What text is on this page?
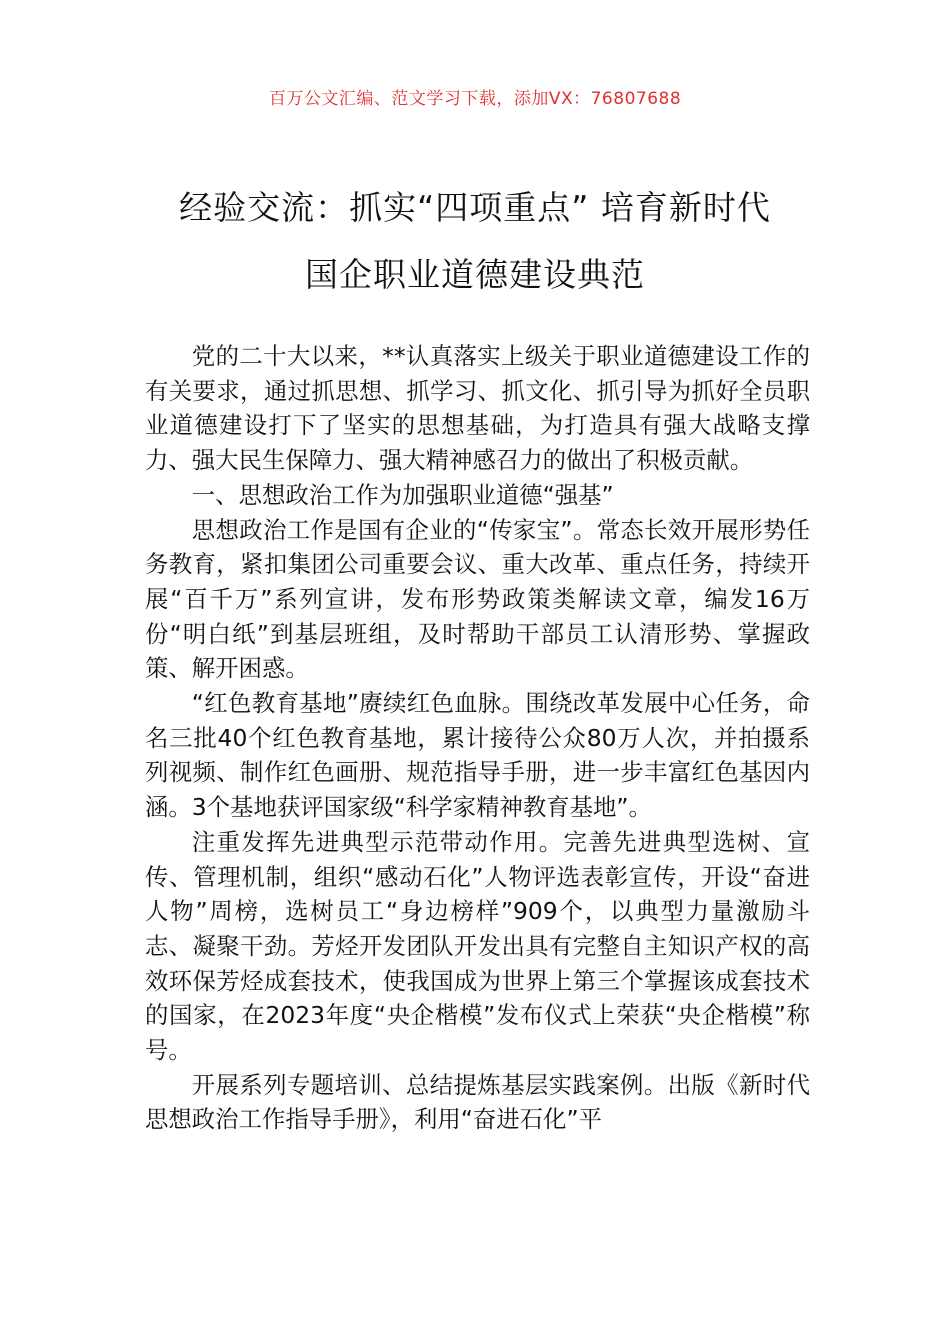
百万公文汇编、范文学习下载，添加VX：76807688
经验交流：抓实“四项重点” 培育新时代
国企职业道德建设典范

党的二十大以来，**认真落实上级关于职业道德建设工作的有关要求，通过抓思想、抓学习、抓文化、抓引导为抓好全员职业道德建设打下了坚实的思想基础，为打造具有强大战略支撑力、强大民生保障力、强大精神感召力的做出了积极贡献。

一、思想政治工作为加强职业道德“强基”

思想政治工作是国有企业的“传家宝”。常态长效开展形势任务教育，紧扣集团公司重要会议、重大改革、重点任务，持续开展“百千万”系列宣讲，发布形势政策类解读文章，编发16万份“明白纸”到基层班组，及时帮助干部员工认清形势、掌握政策、解开困惑。

“红色教育基地”赓续红色血脉。围绕改革发展中心任务，命名三批40个红色教育基地，累计接待公众80万人次，并拍摄系列视频、制作红色画册、规范指导手册，进一步丰富红色基因内涵。3个基地获评国家级“科学家精神教育基地”。

注重发挥先进典型示范带动作用。完善先进典型选树、宣传、管理机制，组织“感动石化”人物评选表彰宣传，开设“奋进人物”周榜，选树员工“身边榜样”909个，以典型力量激励斗志、凝聚干劲。芳烃开发团队开发出具有完整自主知识产权的高效环保芳烃成套技术，使我国成为世界上第三个掌握该成套技术的国家，在2023年度“央企楷模”发布仪式上荣获“央企楷模”称号。

开展系列专题培训、总结提炼基层实践案例。出版《新时代思想政治工作指导手册》，利用“奋进石化”平
